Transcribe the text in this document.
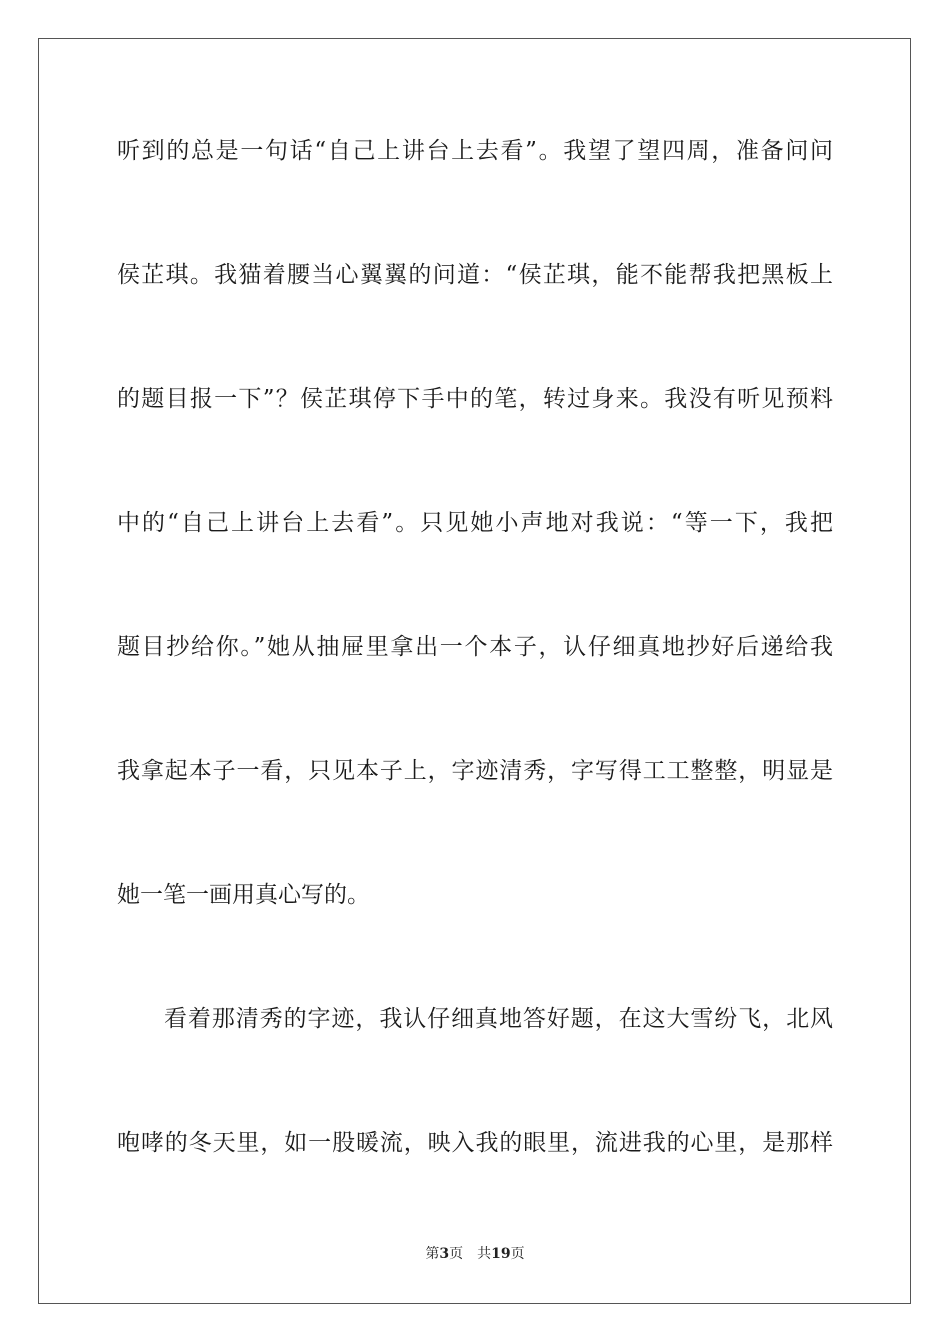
听到的总是一句话“自己上讲台上去看”。我望了望四周，准备问问
侯芷琪。我猫着腰当心翼翼的问道：“侯芷琪，能不能帮我把黑板上
的题目报一下”？侯芷琪停下手中的笔，转过身来。我没有听见预料
中的“自己上讲台上去看”。只见她小声地对我说：“等一下，我把
题目抄给你。”她从抽屉里拿出一个本子，认仔细真地抄好后递给我
我拿起本子一看，只见本子上，字迹清秀，字写得工工整整，明显是
她一笔一画用真心写的。
看着那清秀的字迹，我认仔细真地答好题，在这大雪纷飞，北风
咆哮的冬天里，如一股暖流，映入我的眼里，流进我的心里，是那样
第3页 共19页
